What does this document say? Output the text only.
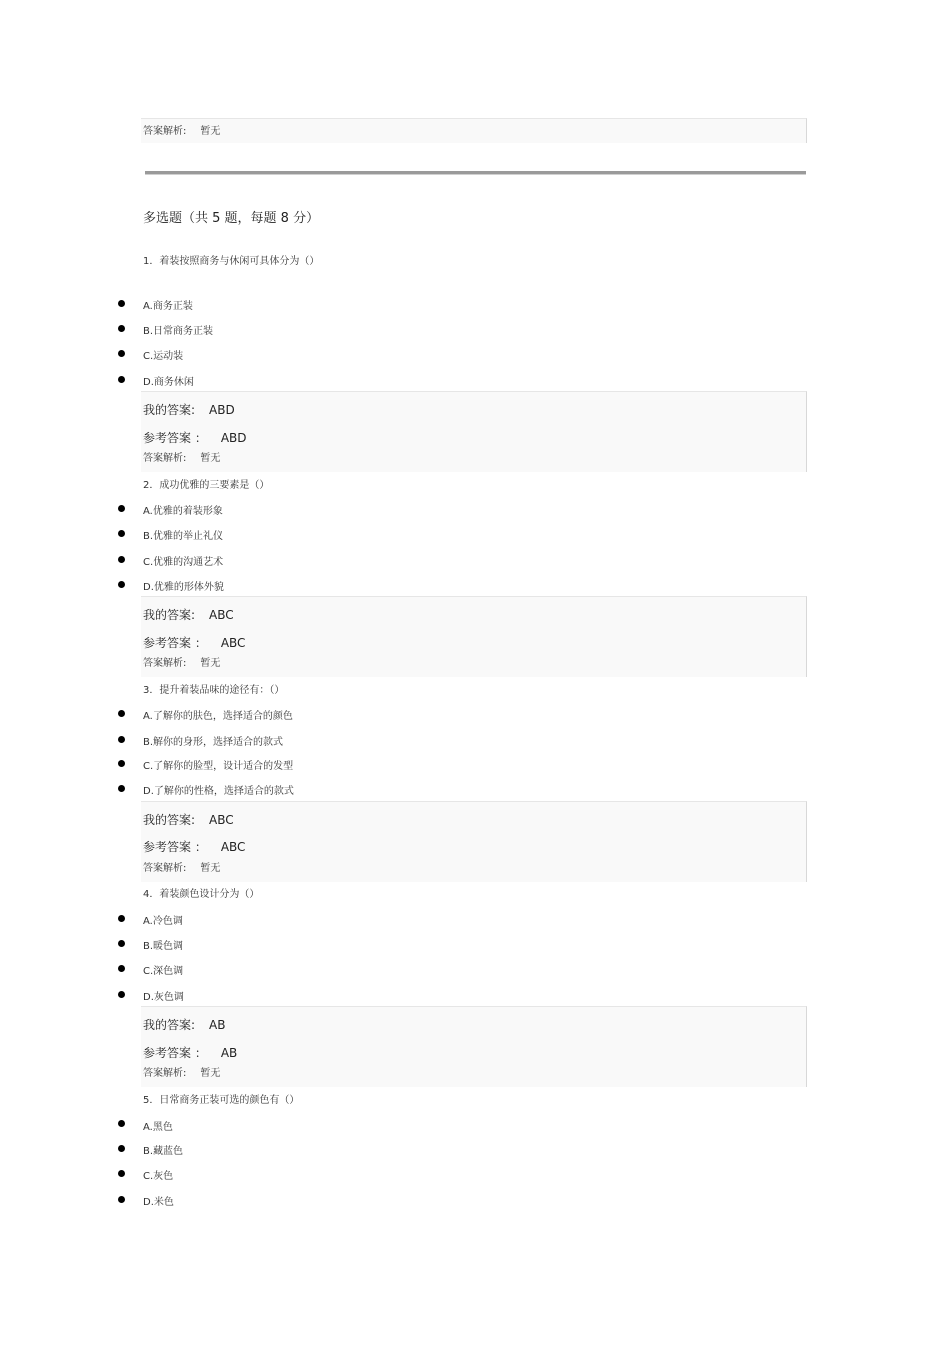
答案解析: 暂无
多选题（共 5 题，每题 8 分）
1．着装按照商务与休闲可具体分为（）
A.商务正装
B.日常商务正装
C.运动装
D.商务休闲
我的答案: ABD
参考答案 ： ABD
答案解析: 暂无
2．成功优雅的三要素是（）
A.优雅的着装形象
B.优雅的举止礼仪
C.优雅的沟通艺术
D.优雅的形体外貌
我的答案: ABC
参考答案 ： ABC
答案解析: 暂无
3．提升着装品味的途径有：（）
A.了解你的肤色，选择适合的颜色
B.解你的身形，选择适合的款式
C.了解你的脸型，设计适合的发型
D.了解你的性格，选择适合的款式
我的答案: ABC
参考答案 ： ABC
答案解析: 暂无
4．着装颜色设计分为（）
A.冷色调
B.暖色调
C.深色调
D.灰色调
我的答案: AB
参考答案 ： AB
答案解析: 暂无
5．日常商务正装可选的颜色有（）
A.黑色
B.藏蓝色
C.灰色
D.米色
